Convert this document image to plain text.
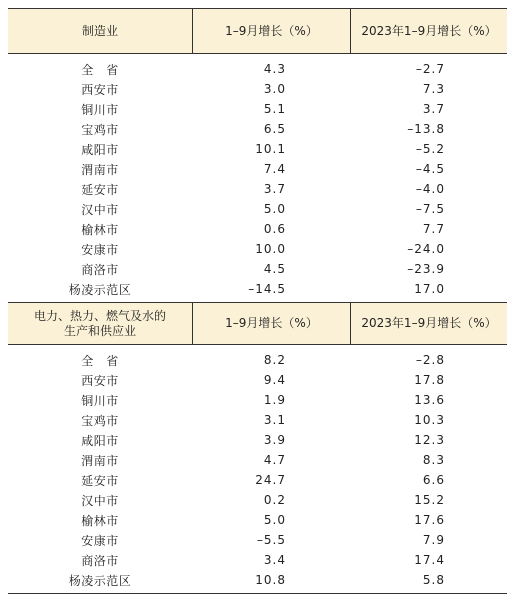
制造业	1–9月增长（%）	2023年1–9月增长（%）
全　省	4.3	–2.7
西安市	3.0	7.3
铜川市	5.1	3.7
宝鸡市	6.5	–13.8
咸阳市	10.1	–5.2
渭南市	7.4	–4.5
延安市	3.7	–4.0
汉中市	5.0	–7.5
榆林市	0.6	7.7
安康市	10.0	–24.0
商洛市	4.5	–23.9
杨凌示范区	–14.5	17.0
电力、热力、燃气及水的
生产和供应业
1–9月增长（%）	2023年1–9月增长（%）
全　省	8.2	–2.8
西安市	9.4	17.8
铜川市	1.9	13.6
宝鸡市	3.1	10.3
咸阳市	3.9	12.3
渭南市	4.7	8.3
延安市	24.7	6.6
汉中市	0.2	15.2
榆林市	5.0	17.6
安康市	–5.5	7.9
商洛市	3.4	17.4
杨凌示范区	10.8	5.8
